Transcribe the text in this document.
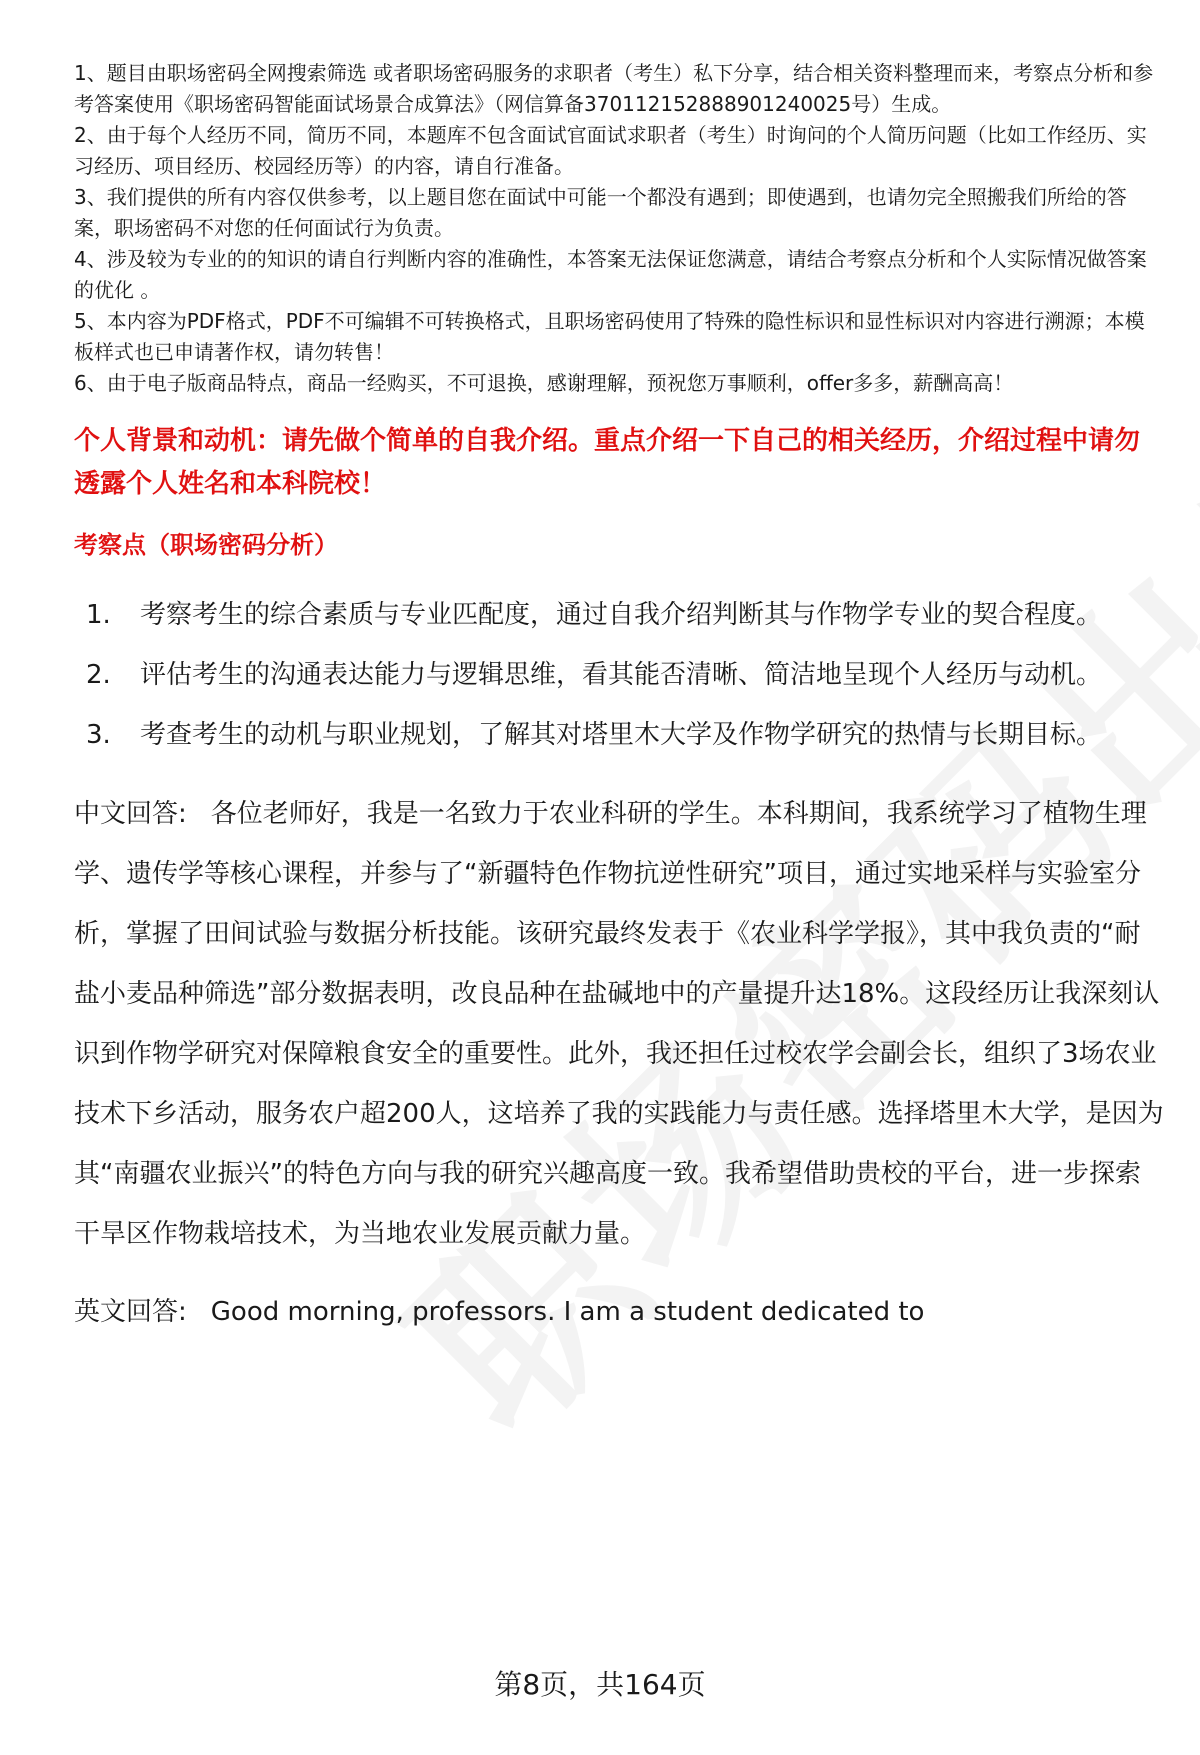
1、题目由职场密码全网搜索筛选 或者职场密码服务的求职者（考生）私下分享，结合相关资料整理而来，考察点分析和参考答案使用《职场密码智能面试场景合成算法》（网信算备370112152888901240025号）生成。
2、由于每个人经历不同，简历不同，本题库不包含面试官面试求职者（考生）时询问的个人简历问题（比如工作经历、实习经历、项目经历、校园经历等）的内容，请自行准备。
3、我们提供的所有内容仅供参考，以上题目您在面试中可能一个都没有遇到；即使遇到，也请勿完全照搬我们所给的答案，职场密码不对您的任何面试行为负责。
4、涉及较为专业的的知识的请自行判断内容的准确性，本答案无法保证您满意，请结合考察点分析和个人实际情况做答案的优化 。
5、本内容为PDF格式，PDF不可编辑不可转换格式，且职场密码使用了特殊的隐性标识和显性标识对内容进行溯源；本模板样式也已申请著作权，请勿转售！
6、由于电子版商品特点，商品一经购买，不可退换，感谢理解，预祝您万事顺利，offer多多，薪酬高高！
个人背景和动机：请先做个简单的自我介绍。重点介绍一下自己的相关经历，介绍过程中请勿透露个人姓名和本科院校！
考察点（职场密码分析）
1.	考察考生的综合素质与专业匹配度，通过自我介绍判断其与作物学专业的契合程度。
2.	评估考生的沟通表达能力与逻辑思维，看其能否清晰、简洁地呈现个人经历与动机。
3.	考查考生的动机与职业规划，了解其对塔里木大学及作物学研究的热情与长期目标。
中文回答: 各位老师好，我是一名致力于农业科研的学生。本科期间，我系统学习了植物生理学、遗传学等核心课程，并参与了“新疆特色作物抗逆性研究”项目，通过实地采样与实验室分析，掌握了田间试验与数据分析技能。该研究最终发表于《农业科学学报》，其中我负责的“耐盐小麦品种筛选”部分数据表明，改良品种在盐碱地中的产量提升达18%。这段经历让我深刻认识到作物学研究对保障粮食安全的重要性。此外，我还担任过校农学会副会长，组织了3场农业技术下乡活动，服务农户超200人，这培养了我的实践能力与责任感。选择塔里木大学，是因为其“南疆农业振兴”的特色方向与我的研究兴趣高度一致。我希望借助贵校的平台，进一步探索干旱区作物栽培技术，为当地农业发展贡献力量。
英文回答: Good morning, professors. I am a student dedicated to
第8页，共164页
